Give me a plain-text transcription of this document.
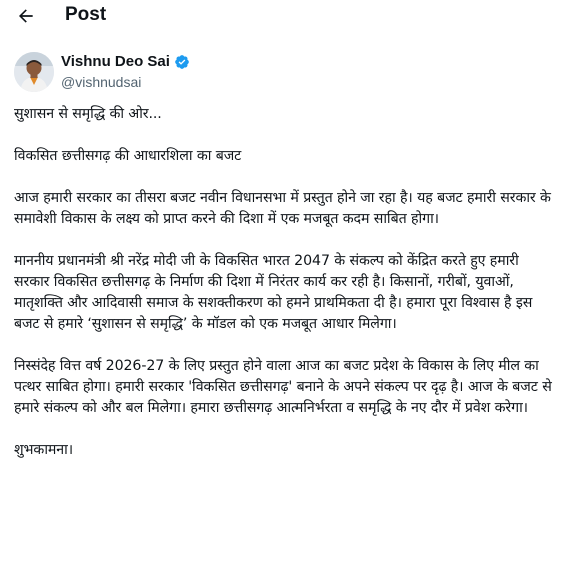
Post
Vishnu Deo Sai
@vishnudsai

सुशासन से समृद्धि की ओर...

विकसित छत्तीसगढ़ की आधारशिला का बजट

आज हमारी सरकार का तीसरा बजट नवीन विधानसभा में प्रस्तुत होने जा रहा है। यह बजट हमारी सरकार के समावेशी विकास के लक्ष्य को प्राप्त करने की दिशा में एक मजबूत कदम साबित होगा।

माननीय प्रधानमंत्री श्री नरेंद्र मोदी जी के विकसित भारत 2047 के संकल्प को केंद्रित करते हुए हमारी सरकार विकसित छत्तीसगढ़ के निर्माण की दिशा में निरंतर कार्य कर रही है। किसानों, गरीबों, युवाओं, मातृशक्ति और आदिवासी समाज के सशक्तीकरण को हमने प्राथमिकता दी है। हमारा पूरा विश्वास है इस बजट से हमारे ‘सुशासन से समृद्धि’ के मॉडल को एक मजबूत आधार मिलेगा।

निस्संदेह वित्त वर्ष 2026-27 के लिए प्रस्तुत होने वाला आज का बजट प्रदेश के विकास के लिए मील का पत्थर साबित होगा। हमारी सरकार 'विकसित छत्तीसगढ़' बनाने के अपने संकल्प पर दृढ़ है। आज के बजट से हमारे संकल्प को और बल मिलेगा। हमारा छत्तीसगढ़ आत्मनिर्भरता व समृद्धि के नए दौर में प्रवेश करेगा।

शुभकामना।
